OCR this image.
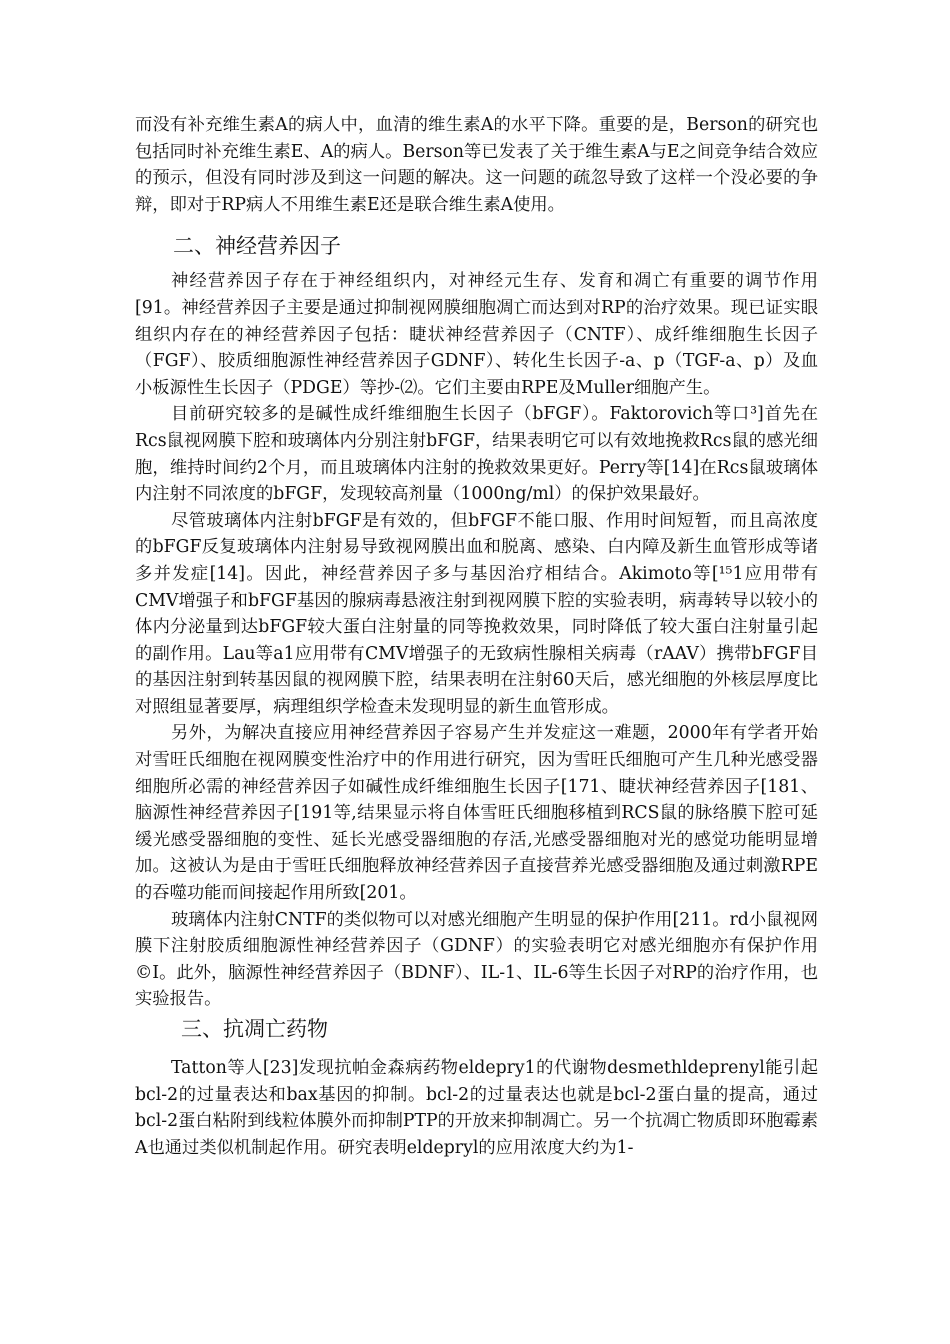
而没有补充维生素A的病人中，血清的维生素A的水平下降。重要的是，Berson的研究也包括同时补充维生素E、A的病人。Berson等已发表了关于维生素A与E之间竞争结合效应的预示，但没有同时涉及到这一问题的解决。这一问题的疏忽导致了这样一个没必要的争辩，即对于RP病人不用维生素E还是联合维生素A使用。

二、神经营养因子

神经营养因子存在于神经组织内，对神经元生存、发育和凋亡有重要的调节作用[91。神经营养因子主要是通过抑制视网膜细胞凋亡而达到对RP的治疗效果。现已证实眼组织内存在的神经营养因子包括：睫状神经营养因子（CNTF）、成纤维细胞生长因子（FGF）、胶质细胞源性神经营养因子GDNF）、转化生长因子-a、p（TGF-a、p）及血小板源性生长因子（PDGE）等抄-⑵。它们主要由RPE及Muller细胞产生。

目前研究较多的是碱性成纤维细胞生长因子（bFGF）。Faktorovich等口³]首先在Rcs鼠视网膜下腔和玻璃体内分别注射bFGF，结果表明它可以有效地挽救Rcs鼠的感光细胞，维持时间约2个月，而且玻璃体内注射的挽救效果更好。Perry等[14]在Rcs鼠玻璃体内注射不同浓度的bFGF，发现较高剂量（1000ng/ml）的保护效果最好。

尽管玻璃体内注射bFGF是有效的，但bFGF不能口服、作用时间短暂，而且高浓度的bFGF反复玻璃体内注射易导致视网膜出血和脱离、感染、白内障及新生血管形成等诸多并发症[14]。因此，神经营养因子多与基因治疗相结合。Akimoto等[¹⁵1应用带有CMV增强子和bFGF基因的腺病毒悬液注射到视网膜下腔的实验表明，病毒转导以较小的体内分泌量到达bFGF较大蛋白注射量的同等挽救效果，同时降低了较大蛋白注射量引起的副作用。Lau等a1应用带有CMV增强子的无致病性腺相关病毒（rAAV）携带bFGF目的基因注射到转基因鼠的视网膜下腔，结果表明在注射60天后，感光细胞的外核层厚度比对照组显著要厚，病理组织学检查未发现明显的新生血管形成。

另外，为解决直接应用神经营养因子容易产生并发症这一难题，2000年有学者开始对雪旺氏细胞在视网膜变性治疗中的作用进行研究，因为雪旺氏细胞可产生几种光感受器细胞所必需的神经营养因子如碱性成纤维细胞生长因子[171、睫状神经营养因子[181、脑源性神经营养因子[191等,结果显示将自体雪旺氏细胞移植到RCS鼠的脉络膜下腔可延缓光感受器细胞的变性、延长光感受器细胞的存活,光感受器细胞对光的感觉功能明显增加。这被认为是由于雪旺氏细胞释放神经营养因子直接营养光感受器细胞及通过刺激RPE的吞噬功能而间接起作用所致[201。

玻璃体内注射CNTF的类似物可以对感光细胞产生明显的保护作用[211。rd小鼠视网膜下注射胶质细胞源性神经营养因子（GDNF）的实验表明它对感光细胞亦有保护作用©I。此外，脑源性神经营养因子（BDNF）、IL-1、IL-6等生长因子对RP的治疗作用，也实验报告。

三、抗凋亡药物

Tatton等人[23]发现抗帕金森病药物eldepry1的代谢物desmethldeprenyl能引起bcl-2的过量表达和bax基因的抑制。bcl-2的过量表达也就是bcl-2蛋白量的提高，通过bcl-2蛋白粘附到线粒体膜外而抑制PTP的开放来抑制凋亡。另一个抗凋亡物质即环胞霉素A也通过类似机制起作用。研究表明eldepryl的应用浓度大约为1-
